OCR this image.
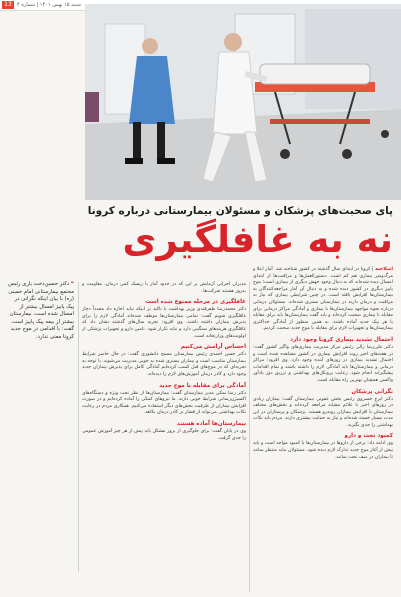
13	شنبه ۱۵ بهمن ۱۴۰۱ | شماره ۴
پای صحبت‌های پزشکان و مسئولان بیمارستانی درباره کرونا
نه به غافلگیری
❝ دکتر حسین‌دخت یاری رئیس مجتمع بیمارستانی امام خمینی (ره) با بیان اینکه نگرانی در پیک پاییز امسال بیشتر از امسال شده است، بیمارستان بیشتر از بیمه پیک پاییز است. گفت: با اقدامی در موج جدید کرونا معنی ندارد.

اصلاحیه | کرونا در ابتدای سال گذشته در کشور شناخته شد. آمار ابتلا و مرگ‌ومیر بیماری هم کم است. دستورالعمل‌ها و مراقبت‌ها از ابتدای امسال دیده شده‌اند که به دنبال وجود جهش دیگری از بیماری است؛ موج پاییز دیگری در کشور دیده شده و به دنبال آن آمار مراجعه‌کنندگان به بیمارستان‌ها افزایش یافته است. در چنین شرایطی بیماری که نیاز به مراقبت و درمان دارند در بیمارستان بستری شده‌اند. مسئولان درمانی درباره نحوه مواجهه بیمارستان‌ها با بیماری و آمادگی مراکز درمانی برای مقابله با بیماری صحبت کرده‌اند و باید گفت بیمارستان‌ها باید برای مقابله با هر پیک جدید آماده باشند. به همین منظور از آمادگی حداکثری بیمارستان‌ها و تجهیزات لازم برای مقابله با موج جدید صحبت کردیم.

احتمال تشدید بیماری کرونا وجود دارد

دکتر علی‌رضا زالی رئیس مرکز مدیریت بیماری‌های واگیر کشور گفت: در هفته‌های اخیر روند افزایش بیماری در کشور مشاهده شده است و احتمال تشدید بیماری در روزهای آینده وجود دارد. وی افزود: مراکز درمانی و بیمارستان‌ها باید آمادگی لازم را داشته باشند و تمام اقدامات پیشگیرانه انجام شود. رعایت پروتکل‌های بهداشتی و تزریق دوز یادآور واکسن همچنان بهترین راه مقابله است.

نگرانی پزشکان

دکتر ایرج خسروی رئیس بخش عفونی بیمارستان گفت: بیماران زیادی در روزهای اخیر با علائم مشابه مراجعه کرده‌اند و بخش‌های مختلف بیمارستان با افزایش بیماران روبه‌رو هستند. پزشکان و پرستاران در این مدت بسیار خسته شده‌اند و نیاز به حمایت بیشتری دارند. مردم باید نکات بهداشتی را جدی بگیرند.

کمبود تخت و دارو

وی ادامه داد: برخی از داروها در بیمارستان‌ها با کمبود مواجه است و باید پیش از آغاز موج جدید تدارک لازم دیده شود. مسئولان نباید منتظر بمانند تا بیماران در صف تخت بمانند.

مدیران اجرایی آزمایش بر این که در حدود آمار با ریسک کمی درمان، مقاومت و به‌روز هستند شرکت‌ها.

غافلگیری در مرحله ممنوع شده است

دکتر محمدرضا ظفرقندی وزیر بهداشت با تاکید بر اینکه نباید اجازه داد مجدداً دچار غافلگیری شویم گفت: تمامی بیمارستان‌ها موظف شده‌اند آمادگی لازم را برای پذیرش بیماران داشته باشند. وی افزود: تجربه سال‌های گذشته نشان داد که غافلگیری هزینه‌های سنگینی دارد و نباید تکرار شود. تامین دارو و تجهیزات پزشکی از اولویت‌های وزارتخانه است.

احساس آرامش می‌کنیم

دکتر حسن احمدی رئیس بیمارستان مسیح دانشوری گفت: در حال حاضر شرایط بیمارستان مناسب است و بیماران بستری شده به خوبی مدیریت می‌شوند. با توجه به تجربه‌ای که در موج‌های قبل کسب کرده‌ایم آمادگی کامل برای پذیرش بیماران جدید وجود دارد و کادر درمان آموزش‌های لازم را دیده‌اند.

آمادگی برای مقابله با موج جدید

دکتر رضا نمکی مدیر بیمارستان گفت: بیمارستان‌ها از نظر تخت ویژه و دستگاه‌های اکسیژن‌رسانی شرایط خوبی دارند. ما نیروهای کمکی را آماده کرده‌ایم و در صورت افزایش بیماران از ظرفیت بخش‌های دیگر استفاده می‌کنیم. همکاری مردم در رعایت نکات بهداشتی می‌تواند از فشار بر کادر درمان بکاهد.

بیمارستان‌ها آماده هستند

وی در پایان گفت: برای جلوگیری از بروز مشکل باید پیش از هر چیز آموزش عمومی را جدی گرفت.
